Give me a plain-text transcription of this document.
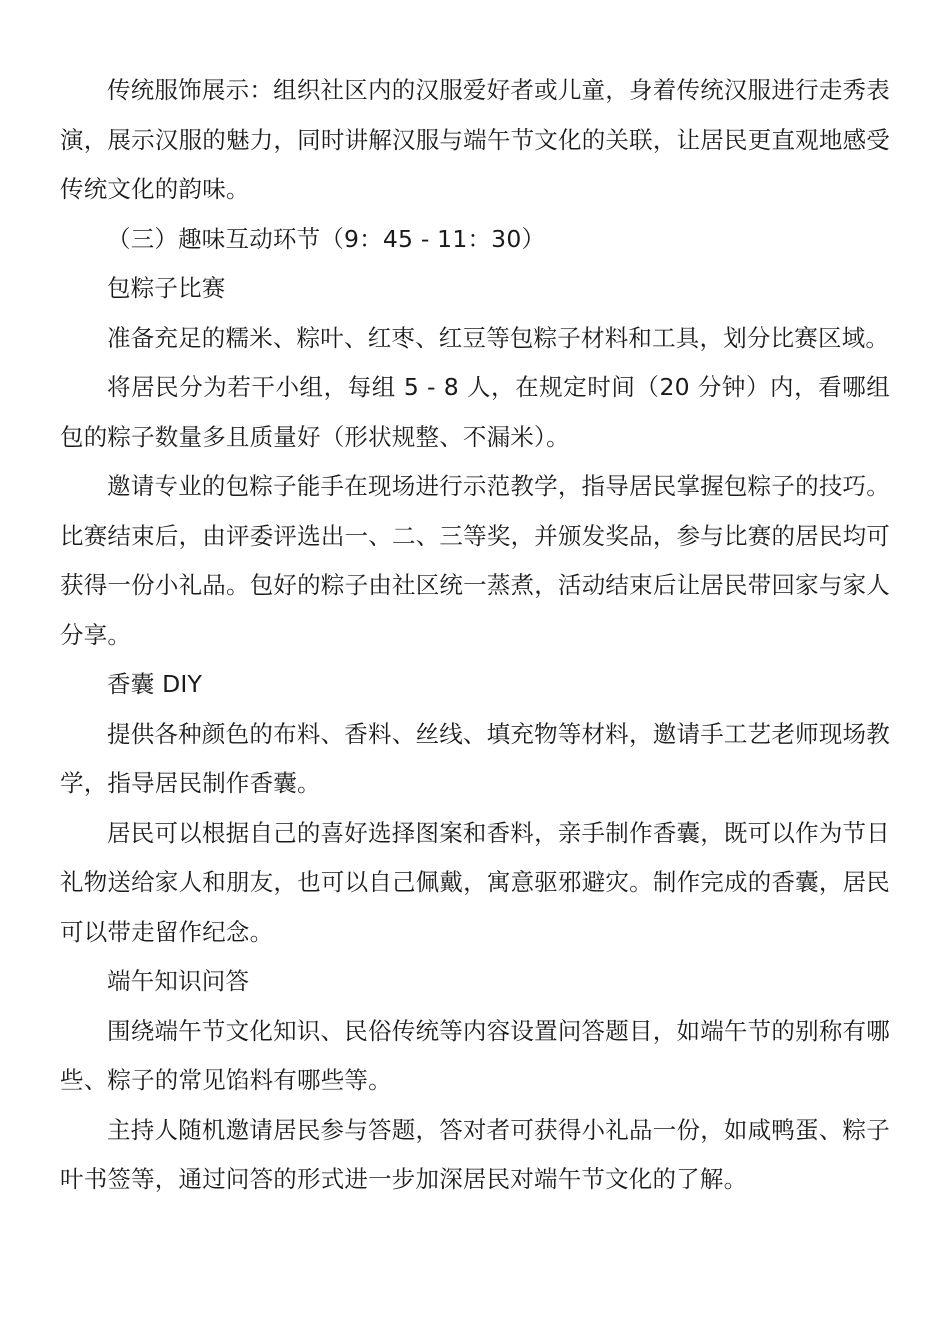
传统服饰展示：组织社区内的汉服爱好者或儿童，身着传统汉服进行走秀表演，展示汉服的魅力，同时讲解汉服与端午节文化的关联，让居民更直观地感受传统文化的韵味。

（三）趣味互动环节（9：45 - 11：30）

包粽子比赛

准备充足的糯米、粽叶、红枣、红豆等包粽子材料和工具，划分比赛区域。

将居民分为若干小组，每组 5 - 8 人，在规定时间（20 分钟）内，看哪组包的粽子数量多且质量好（形状规整、不漏米）。

邀请专业的包粽子能手在现场进行示范教学，指导居民掌握包粽子的技巧。比赛结束后，由评委评选出一、二、三等奖，并颁发奖品，参与比赛的居民均可获得一份小礼品。包好的粽子由社区统一蒸煮，活动结束后让居民带回家与家人分享。

香囊 DIY

提供各种颜色的布料、香料、丝线、填充物等材料，邀请手工艺老师现场教学，指导居民制作香囊。

居民可以根据自己的喜好选择图案和香料，亲手制作香囊，既可以作为节日礼物送给家人和朋友，也可以自己佩戴，寓意驱邪避灾。制作完成的香囊，居民可以带走留作纪念。

端午知识问答

围绕端午节文化知识、民俗传统等内容设置问答题目，如端午节的别称有哪些、粽子的常见馅料有哪些等。

主持人随机邀请居民参与答题，答对者可获得小礼品一份，如咸鸭蛋、粽子叶书签等，通过问答的形式进一步加深居民对端午节文化的了解。
